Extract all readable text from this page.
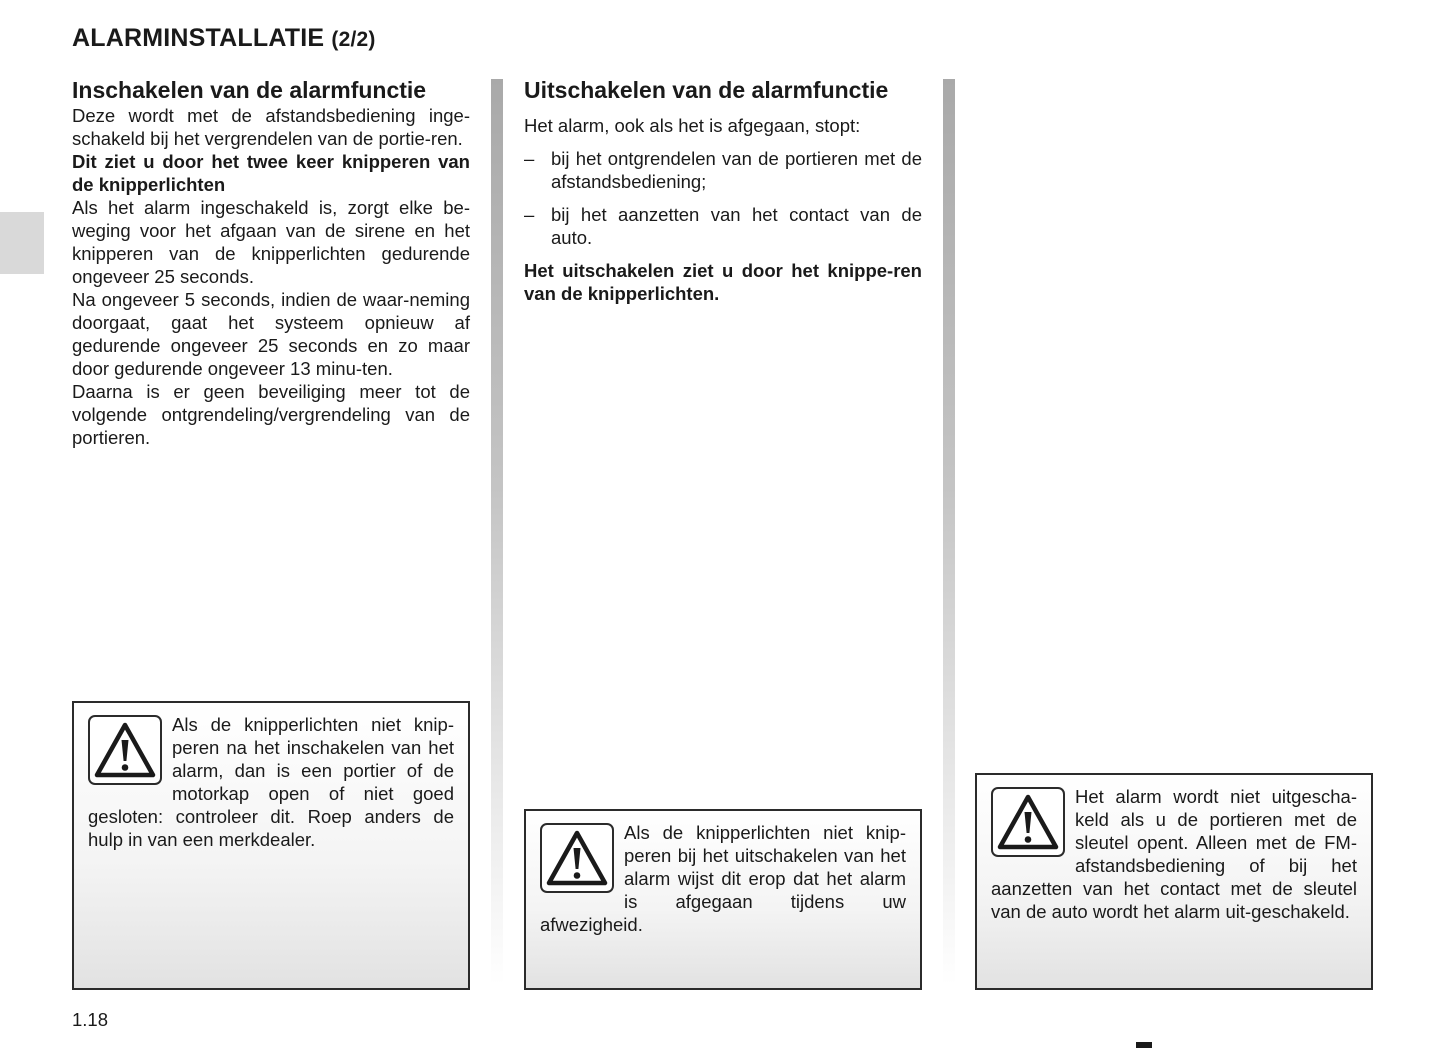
ALARMINSTALLATIE (2/2)
Inschakelen van de alarmfunctie

Deze wordt met de afstandsbediening inge-schakeld bij het vergrendelen van de portie-ren.

Dit ziet u door het twee keer knipperen van de knipperlichten

Als het alarm ingeschakeld is, zorgt elke be-weging voor het afgaan van de sirene en het knipperen van de knipperlichten gedurende ongeveer 25 seconds.

Na ongeveer 5 seconds, indien de waar-neming doorgaat, gaat het systeem opnieuw af gedurende ongeveer 25 seconds en zo maar door gedurende ongeveer 13 minu-ten.

Daarna is er geen beveiliging meer tot de volgende ontgrendeling/vergrendeling van de portieren.

Uitschakelen van de alarmfunctie

Het alarm, ook als het is afgegaan, stopt:

– bij het ontgrendelen van de portieren met de afstandsbediening;
– bij het aanzetten van het contact van de auto.

Het uitschakelen ziet u door het knippe-ren van de knipperlichten.

Als de knipperlichten niet knip-peren na het inschakelen van het alarm, dan is een portier of de motorkap open of niet goed gesloten: controleer dit. Roep anders de hulp in van een merkdealer.	Als de knipperlichten niet knip-peren bij het uitschakelen van het alarm wijst dit erop dat het alarm is afgegaan tijdens uw afwezigheid.
Het alarm wordt niet uitgescha-keld als u de portieren met de sleutel opent. Alleen met de FM- afstandsbediening of bij het aanzetten van het contact met de sleutel van de auto wordt het alarm uit-geschakeld.
1.18
